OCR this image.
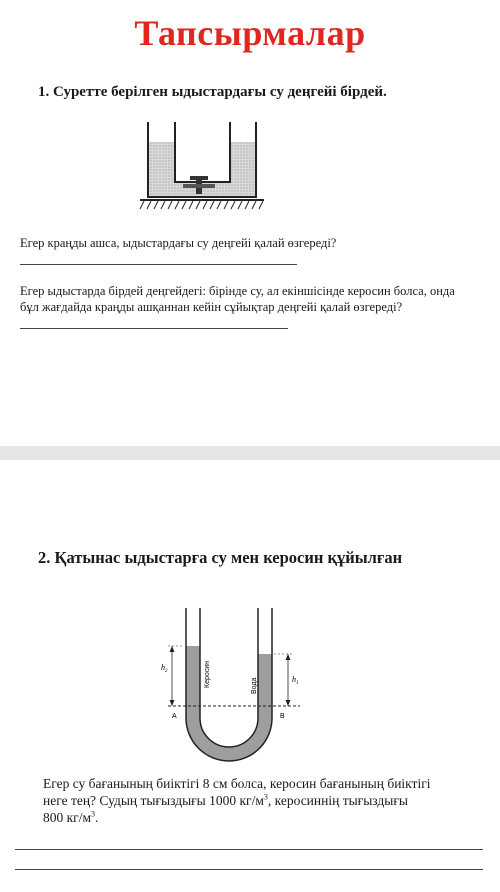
Тапсырмалар
1. Суретте берілген ыдыстардағы су деңгейі бірдей.
Егер краңды ашса, ыдыстардағы су деңгейі қалай өзгереді?
Егер ыдыстарда бірдей деңгейдегі: бірінде су, ал екіншісінде керосин болса, онда
бұл жағдайда краңды ашқаннан кейін сұйықтар деңгейі қалай өзгереді?
2. Қатынас ыдыстарға су мен керосин құйылған
$h_2$
$h_1$
A	B
Керосин	Вода
Егер су бағанының биіктігі 8 см болса, керосин бағанының биіктігі
неге тең? Судың тығыздығы 1000 $кг/м^3$, керосиннің тығыздығы
800 $кг/м^3$.
